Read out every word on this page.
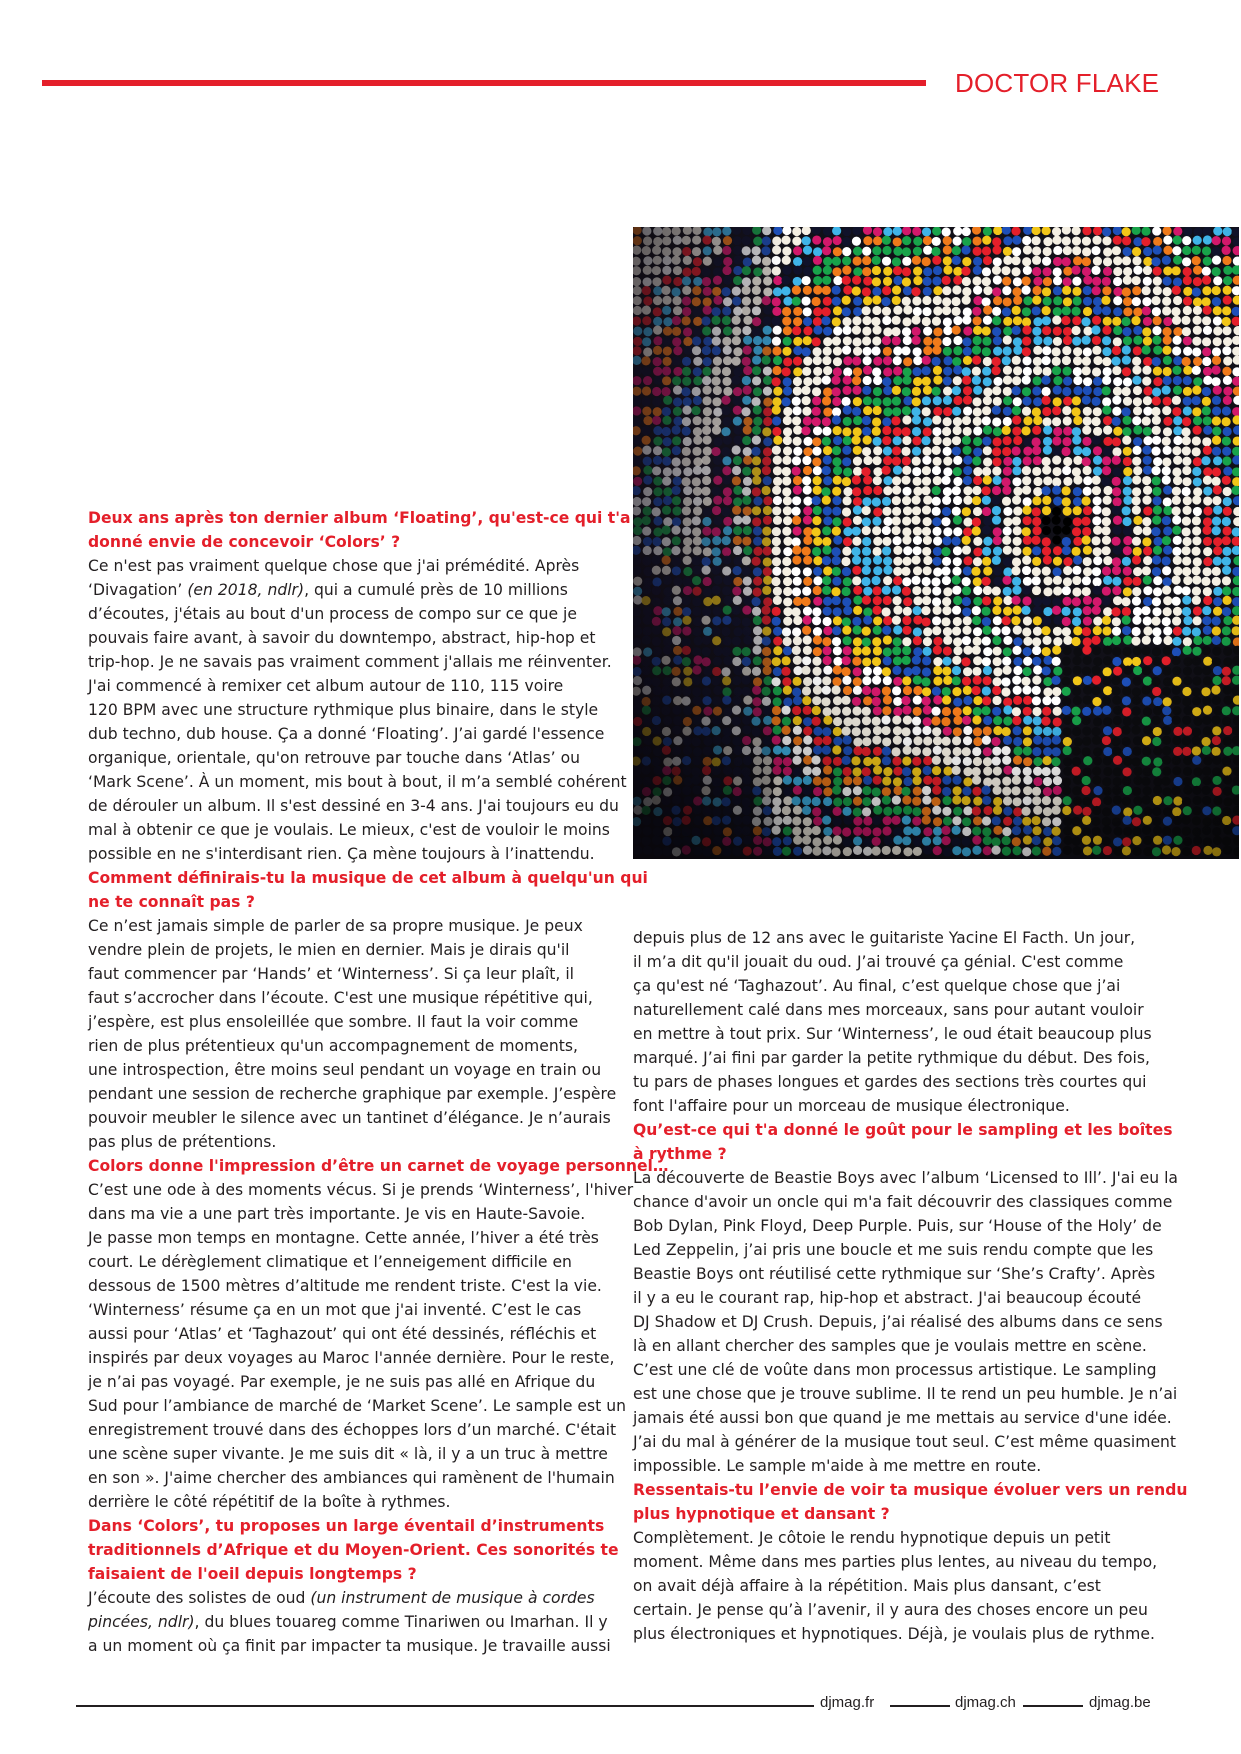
DOCTOR FLAKE

Deux ans après ton dernier album ‘Floating’, qu'est-ce qui t'a
donné envie de concevoir ‘Colors’ ?

Ce n'est pas vraiment quelque chose que j'ai prémédité. Après
‘Divagation’ (en 2018, ndlr), qui a cumulé près de 10 millions
d’écoutes, j'étais au bout d'un process de compo sur ce que je
pouvais faire avant, à savoir du downtempo, abstract, hip-hop et
trip-hop. Je ne savais pas vraiment comment j'allais me réinventer.
J'ai commencé à remixer cet album autour de 110, 115 voire
120 BPM avec une structure rythmique plus binaire, dans le style
dub techno, dub house. Ça a donné ‘Floating’. J’ai gardé l'essence
organique, orientale, qu'on retrouve par touche dans ‘Atlas’ ou
‘Mark Scene’. À un moment, mis bout à bout, il m’a semblé cohérent
de dérouler un album. Il s'est dessiné en 3-4 ans. J'ai toujours eu du
mal à obtenir ce que je voulais. Le mieux, c'est de vouloir le moins
possible en ne s'interdisant rien. Ça mène toujours à l’inattendu.

Comment définirais-tu la musique de cet album à quelqu'un qui
ne te connaît pas ?

Ce n’est jamais simple de parler de sa propre musique. Je peux
vendre plein de projets, le mien en dernier. Mais je dirais qu'il
faut commencer par ‘Hands’ et ‘Winterness’. Si ça leur plaît, il
faut s’accrocher dans l’écoute. C'est une musique répétitive qui,
j’espère, est plus ensoleillée que sombre. Il faut la voir comme
rien de plus prétentieux qu'un accompagnement de moments,
une introspection, être moins seul pendant un voyage en train ou
pendant une session de recherche graphique par exemple. J’espère
pouvoir meubler le silence avec un tantinet d’élégance. Je n’aurais
pas plus de prétentions.

Colors donne l'impression d’être un carnet de voyage personnel…

C’est une ode à des moments vécus. Si je prends ‘Winterness’, l'hiver
dans ma vie a une part très importante. Je vis en Haute-Savoie.
Je passe mon temps en montagne. Cette année, l’hiver a été très
court. Le dérèglement climatique et l’enneigement difficile en
dessous de 1500 mètres d’altitude me rendent triste. C'est la vie.
‘Winterness’ résume ça en un mot que j'ai inventé. C’est le cas
aussi pour ‘Atlas’ et ‘Taghazout’ qui ont été dessinés, réfléchis et
inspirés par deux voyages au Maroc l'année dernière. Pour le reste,
je n’ai pas voyagé. Par exemple, je ne suis pas allé en Afrique du
Sud pour l’ambiance de marché de ‘Market Scene’. Le sample est un
enregistrement trouvé dans des échoppes lors d’un marché. C'était
une scène super vivante. Je me suis dit « là, il y a un truc à mettre
en son ». J'aime chercher des ambiances qui ramènent de l'humain
derrière le côté répétitif de la boîte à rythmes.

Dans ‘Colors’, tu proposes un large éventail d’instruments
traditionnels d’Afrique et du Moyen-Orient. Ces sonorités te
faisaient de l'oeil depuis longtemps ?

J’écoute des solistes de oud (un instrument de musique à cordes
pincées, ndlr), du blues touareg comme Tinariwen ou Imarhan. Il y
a un moment où ça finit par impacter ta musique. Je travaille aussi

depuis plus de 12 ans avec le guitariste Yacine El Facth. Un jour,
il m’a dit qu'il jouait du oud. J’ai trouvé ça génial. C'est comme
ça qu'est né ‘Taghazout’. Au final, c’est quelque chose que j’ai
naturellement calé dans mes morceaux, sans pour autant vouloir
en mettre à tout prix. Sur ‘Winterness’, le oud était beaucoup plus
marqué. J’ai fini par garder la petite rythmique du début. Des fois,
tu pars de phases longues et gardes des sections très courtes qui
font l'affaire pour un morceau de musique électronique.

Qu’est-ce qui t'a donné le goût pour le sampling et les boîtes
à rythme ?

La découverte de Beastie Boys avec l’album ‘Licensed to Ill’. J'ai eu la
chance d'avoir un oncle qui m'a fait découvrir des classiques comme
Bob Dylan, Pink Floyd, Deep Purple. Puis, sur ‘House of the Holy’ de
Led Zeppelin, j’ai pris une boucle et me suis rendu compte que les
Beastie Boys ont réutilisé cette rythmique sur ‘She’s Crafty’. Après
il y a eu le courant rap, hip-hop et abstract. J'ai beaucoup écouté
DJ Shadow et DJ Crush. Depuis, j’ai réalisé des albums dans ce sens
là en allant chercher des samples que je voulais mettre en scène.
C’est une clé de voûte dans mon processus artistique. Le sampling
est une chose que je trouve sublime. Il te rend un peu humble. Je n’ai
jamais été aussi bon que quand je me mettais au service d'une idée.
J’ai du mal à générer de la musique tout seul. C’est même quasiment
impossible. Le sample m'aide à me mettre en route.

Ressentais-tu l’envie de voir ta musique évoluer vers un rendu
plus hypnotique et dansant ?

Complètement. Je côtoie le rendu hypnotique depuis un petit
moment. Même dans mes parties plus lentes, au niveau du tempo,
on avait déjà affaire à la répétition. Mais plus dansant, c’est
certain. Je pense qu’à l’avenir, il y aura des choses encore un peu
plus électroniques et hypnotiques. Déjà, je voulais plus de rythme.

djmag.fr	djmag.ch	djmag.be
